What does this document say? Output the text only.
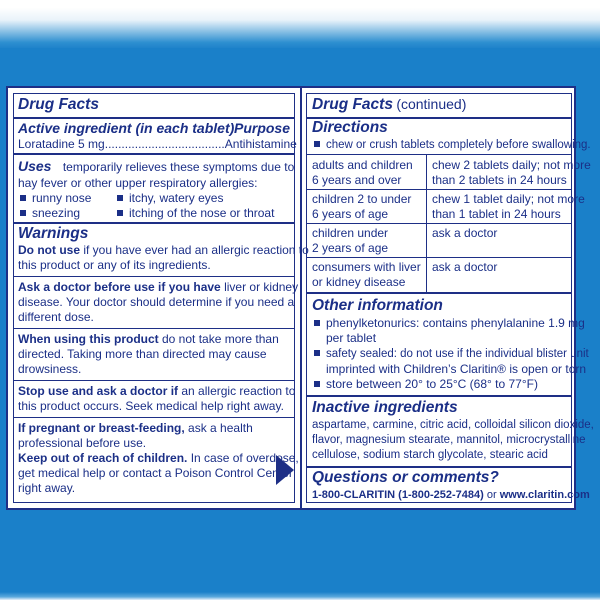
Drug Facts
Active ingredient (in each tablet) Purpose
Loratadine 5 mg....................................Antihistamine
Uses temporarily relieves these symptoms due to
hay fever or other upper respiratory allergies:
runny nose	itchy, watery eyes
sneezing	itching of the nose or throat
Warnings
Do not use if you have ever had an allergic reaction to
this product or any of its ingredients.
Ask a doctor before use if you have liver or kidney
disease. Your doctor should determine if you need a
different dose.
When using this product do not take more than
directed. Taking more than directed may cause
drowsiness.
Stop use and ask a doctor if an allergic reaction to
this product occurs. Seek medical help right away.
If pregnant or breast-feeding, ask a health
professional before use.
Keep out of reach of children. In case of overdose,
get medical help or contact a Poison Control Center
right away.
Drug Facts (continued)
Directions
chew or crush tablets completely before swallowing.
adults and children
6 years and over
chew 2 tablets daily; not more
than 2 tablets in 24 hours
children 2 to under
6 years of age
chew 1 tablet daily; not more
than 1 tablet in 24 hours
children under
2 years of age
ask a doctor
consumers with liver
or kidney disease
ask a doctor
Other information
phenylketonurics: contains phenylalanine 1.9 mg
per tablet
safety sealed: do not use if the individual blister unit
imprinted with Children’s Claritin® is open or torn
store between 20° to 25°C (68° to 77°F)
Inactive ingredients
aspartame, carmine, citric acid, colloidal silicon dioxide,
flavor, magnesium stearate, mannitol, microcrystalline
cellulose, sodium starch glycolate, stearic acid
Questions or comments?
1-800-CLARITIN (1-800-252-7484) or www.claritin.com
